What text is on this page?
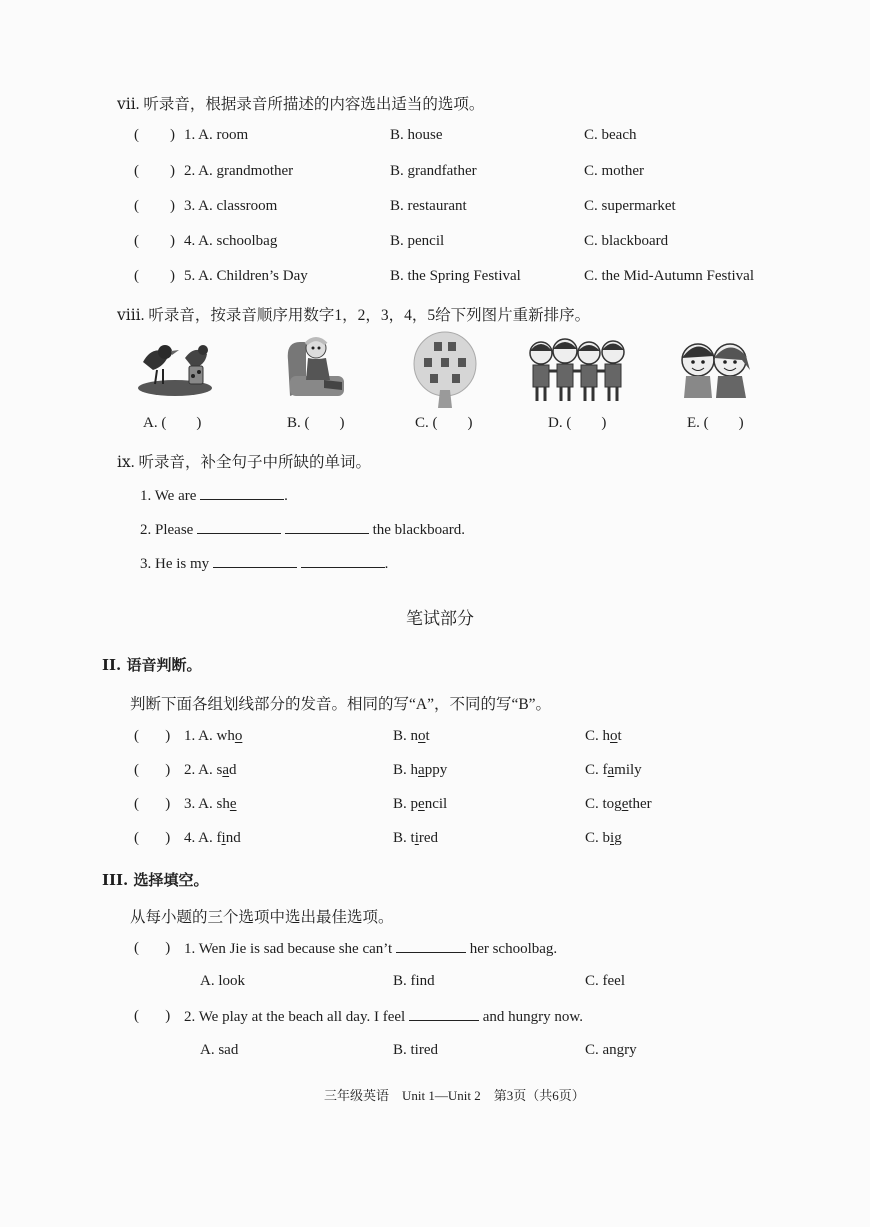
ⅶ. 听录音，根据录音所描述的内容选出适当的选项。
( ) 1. A. room	B. house	C. beach
( ) 2. A. grandmother	B. grandfather	C. mother
( ) 3. A. classroom	B. restaurant	C. supermarket
( ) 4. A. schoolbag	B. pencil	C. blackboard
( ) 5. A. Children’s Day	B. the Spring Festival	C. the Mid-Autumn Festival
ⅷ. 听录音，按录音顺序用数字1，2，3，4，5给下列图片重新排序。
A. (        )	B. (        )	C. (        )	D. (        )	E. (        )
ⅸ. 听录音，补全句子中所缺的单词。
1. We are	.
2. Please	the blackboard.
3. He is my	.
笔试部分
II. 语音判断。
判断下面各组划线部分的发音。相同的写“A”，不同的写“B”。
(       ) 1. A. who	B. not	C. hot
(       ) 2. A. sad	B. happy	C. family
(       ) 3. A. she	B. pencil	C. together
(       ) 4. A. find	B. tired	C. big
III. 选择填空。
从每小题的三个选项中选出最佳选项。
(       ) 1. Wen Jie is sad because she can’t	her schoolbag.
A. look	B. find	C. feel
(       ) 2. We play at the beach all day. I feel	and hungry now.
A. sad	B. tired	C. angry
三年级英语　Unit 1—Unit 2　第3页（共6页）
